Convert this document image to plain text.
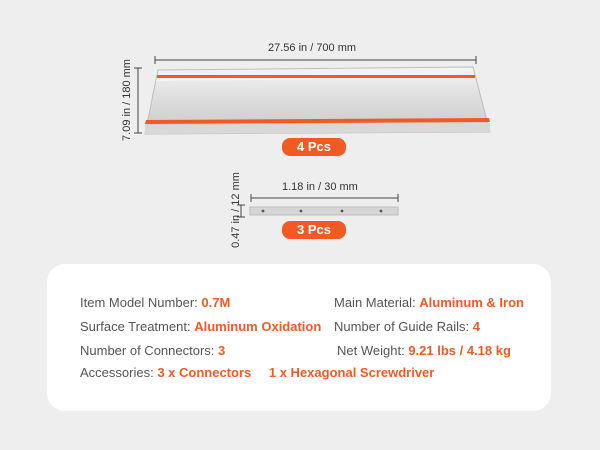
27.56 in / 700 mm
7.09 in / 180 mm
4 Pcs
1.18 in / 30 mm
0.47 in / 12 mm	3 Pcs
Item Model Number: 0.7M	Main Material: Aluminum & Iron
Surface Treatment: Aluminum Oxidation Number of Guide Rails: 4
Number of Connectors: 3	Net Weight: 9.21 lbs / 4.18 kg
Accessories: 3 x Connectors 1 x Hexagonal Screwdriver
